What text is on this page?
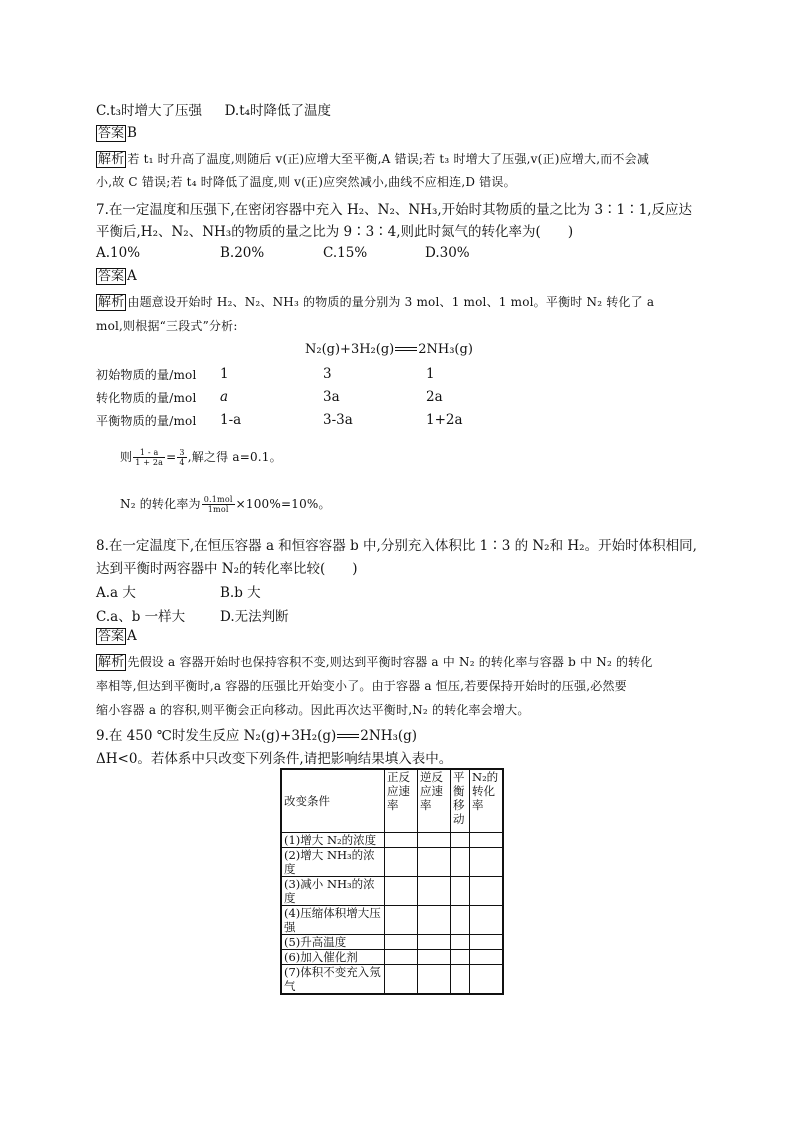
C.t₃时增大了压强 D.t₄时降低了温度
答案 B
解析 若 t₁ 时升高了温度,则随后 v(正)应增大至平衡,A 错误;若 t₃ 时增大了压强,v(正)应增大,而不会减
小,故 C 错误;若 t₄ 时降低了温度,则 v(正)应突然减小,曲线不应相连,D 错误。
7.在一定温度和压强下,在密闭容器中充入 H₂、N₂、NH₃,开始时其物质的量之比为 3∶1∶1,反应达
平衡后,H₂、N₂、NH₃的物质的量之比为 9∶3∶4,则此时氮气的转化率为(　　)
A.10%	B.20%	C.15%	D.30%
答案 A
解析 由题意设开始时 H₂、N₂、NH₃ 的物质的量分别为 3 mol、1 mol、1 mol。平衡时 N₂ 转化了 a
mol,则根据“三段式”分析:
N₂(g)+3H₂(g) 2NH₃(g)
初始物质的量/mol 1	3	1
转化物质的量/mol a	3a	2a
平衡物质的量/mol 1-a	3-3a	1+2a
则 $\frac{1 - a}{1 + 2a} = \frac{3}{4}$ ,解之得 a=0.1。
N₂ 的转化率为 $\frac{\text{0.1mol}}{\text{1mol}} \times 100\%=10\%$。
8.在一定温度下,在恒压容器 a 和恒容容器 b 中,分别充入体积比 1∶3 的 N₂和 H₂。开始时体积相同,
达到平衡时两容器中 N₂的转化率比较(　　)
A.a 大	B.b 大
C.a、b 一样大	D.无法判断
答案 A
解析 先假设 a 容器开始时也保持容积不变,则达到平衡时容器 a 中 N₂ 的转化率与容器 b 中 N₂ 的转化
率相等,但达到平衡时,a 容器的压强比开始变小了。由于容器 a 恒压,若要保持开始时的压强,必然要
缩小容器 a 的容积,则平衡会正向移动。因此再次达平衡时,N₂ 的转化率会增大。
9.在 450 ℃时发生反应 N₂(g)+3H₂(g) 2NH₃(g)
ΔH<0。若体系中只改变下列条件,请把影响结果填入表中。
改变条件	正反应速率	逆反应速率	平衡移动	N₂的转化率
(1)增大 N₂的浓度				
(2)增大 NH₃的浓度				
(3)减小 NH₃的浓度				
(4)压缩体积增大压强				
(5)升高温度				
(6)加入催化剂				
(7)体积不变充入氖气				
